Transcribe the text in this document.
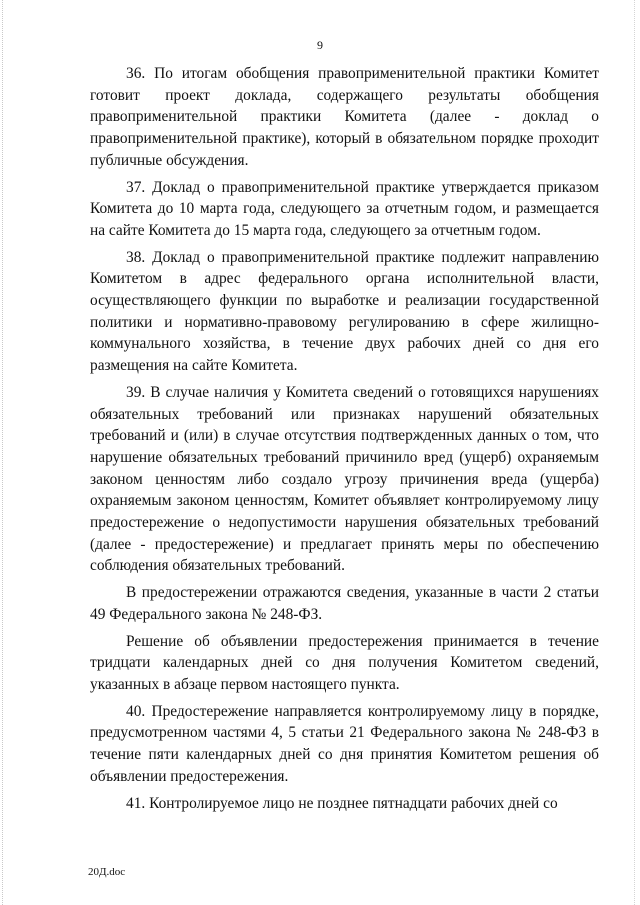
9

36. По итогам обобщения правоприменительной практики Комитет готовит проект доклада, содержащего результаты обобщения правоприменительной практики Комитета (далее - доклад о правоприменительной практике), который в обязательном порядке проходит публичные обсуждения.

37. Доклад о правоприменительной практике утверждается приказом Комитета до 10 марта года, следующего за отчетным годом, и размещается на сайте Комитета до 15 марта года, следующего за отчетным годом.

38. Доклад о правоприменительной практике подлежит направлению Комитетом в адрес федерального органа исполнительной власти, осуществляющего функции по выработке и реализации государственной политики и нормативно-правовому регулированию в сфере жилищно-коммунального хозяйства, в течение двух рабочих дней со дня его размещения на сайте Комитета.

39. В случае наличия у Комитета сведений о готовящихся нарушениях обязательных требований или признаках нарушений обязательных требований и (или) в случае отсутствия подтвержденных данных о том, что нарушение обязательных требований причинило вред (ущерб) охраняемым законом ценностям либо создало угрозу причинения вреда (ущерба) охраняемым законом ценностям, Комитет объявляет контролируемому лицу предостережение о недопустимости нарушения обязательных требований (далее - предостережение) и предлагает принять меры по обеспечению соблюдения обязательных требований.

В предостережении отражаются сведения, указанные в части 2 статьи 49 Федерального закона № 248-ФЗ.

Решение об объявлении предостережения принимается в течение тридцати календарных дней со дня получения Комитетом сведений, указанных в абзаце первом настоящего пункта.

40. Предостережение направляется контролируемому лицу в порядке, предусмотренном частями 4, 5 статьи 21 Федерального закона № 248-ФЗ в течение пяти календарных дней со дня принятия Комитетом решения об объявлении предостережения.

41. Контролируемое лицо не позднее пятнадцати рабочих дней со

20Д.doc
